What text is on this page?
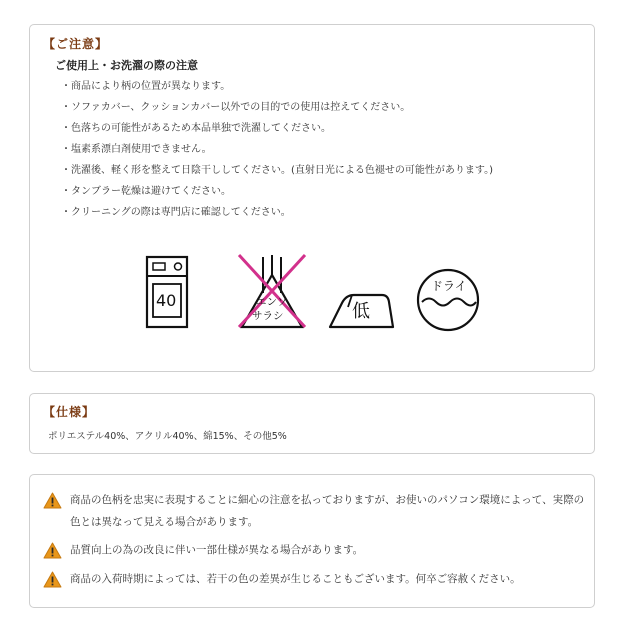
【ご注意】
ご使用上・お洗濯の際の注意
・商品により柄の位置が異なります。
・ソファカバー、クッションカバー以外での目的での使用は控えてください。
・色落ちの可能性があるため本品単独で洗濯してください。
・塩素系漂白剤使用できません。
・洗濯後、軽く形を整えて日陰干ししてください。(直射日光による色褪せの可能性があります。)
・タンブラー乾燥は避けてください。
・クリーニングの際は専門店に確認してください。
40	エンソ
サラシ	低
ドライ
【仕様】
ポリエステル40%、アクリル40%、綿15%、その他5%
商品の色柄を忠実に表現することに細心の注意を払っておりますが、お使いのパソコン環境によって、実際の色とは異なって見える場合があります。
品質向上の為の改良に伴い一部仕様が異なる場合があります。
商品の入荷時期によっては、若干の色の差異が生じることもございます。何卒ご容赦ください。
